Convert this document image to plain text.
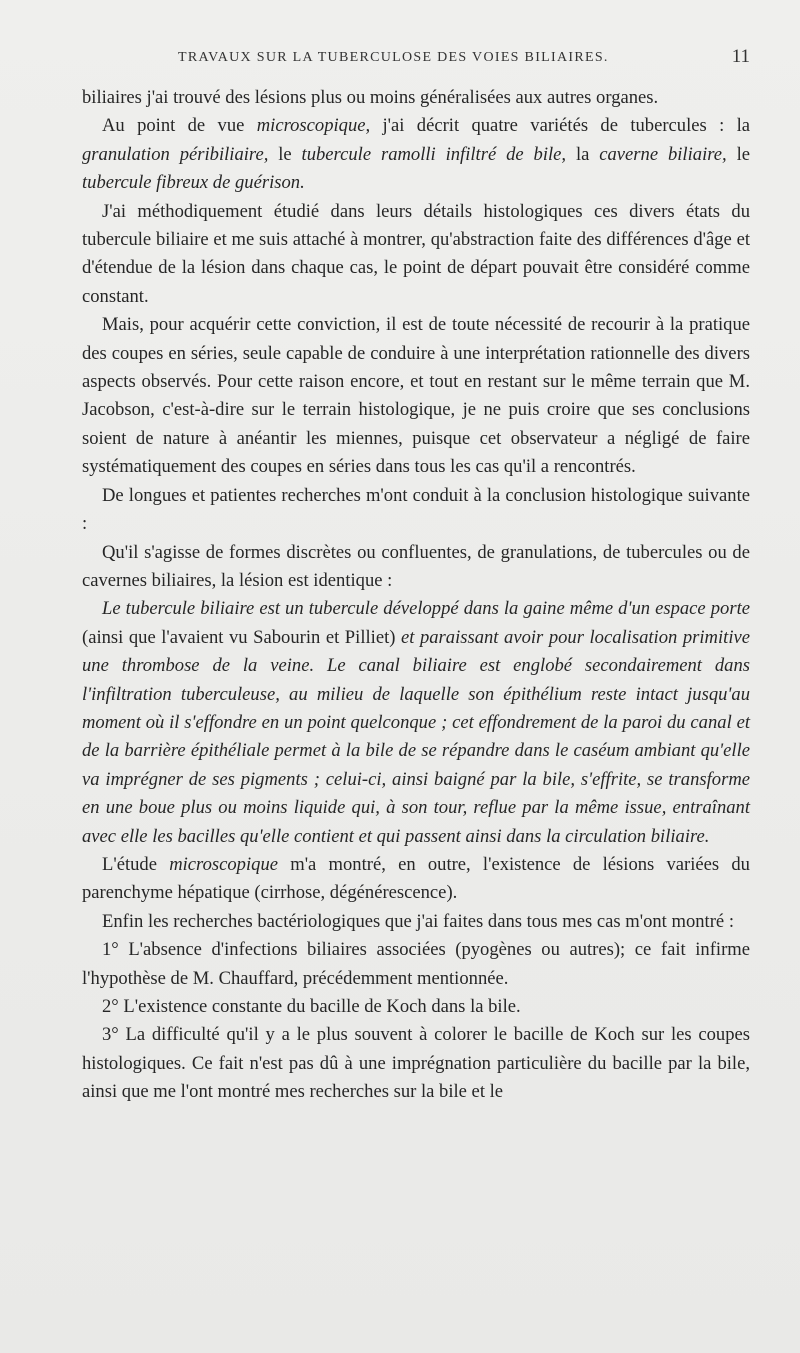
TRAVAUX SUR LA TUBERCULOSE DES VOIES BILIAIRES.	11

biliaires j'ai trouvé des lésions plus ou moins généralisées aux autres organes.

Au point de vue microscopique, j'ai décrit quatre variétés de tubercules : la granulation péribiliaire, le tubercule ramolli infiltré de bile, la caverne biliaire, le tubercule fibreux de guérison.

J'ai méthodiquement étudié dans leurs détails histologiques ces divers états du tubercule biliaire et me suis attaché à montrer, qu'abstraction faite des différences d'âge et d'étendue de la lésion dans chaque cas, le point de départ pouvait être considéré comme constant.

Mais, pour acquérir cette conviction, il est de toute nécessité de recourir à la pratique des coupes en séries, seule capable de conduire à une interprétation rationnelle des divers aspects observés. Pour cette raison encore, et tout en restant sur le même terrain que M. Jacobson, c'est-à-dire sur le terrain histologique, je ne puis croire que ses conclusions soient de nature à anéantir les miennes, puisque cet observateur a négligé de faire systématiquement des coupes en séries dans tous les cas qu'il a rencontrés.

De longues et patientes recherches m'ont conduit à la conclusion histologique suivante :

Qu'il s'agisse de formes discrètes ou confluentes, de granulations, de tubercules ou de cavernes biliaires, la lésion est identique :

Le tubercule biliaire est un tubercule développé dans la gaine même d'un espace porte (ainsi que l'avaient vu Sabourin et Pilliet) et paraissant avoir pour localisation primitive une thrombose de la veine. Le canal biliaire est englobé secondairement dans l'infiltration tuberculeuse, au milieu de laquelle son épithélium reste intact jusqu'au moment où il s'effondre en un point quelconque ; cet effondrement de la paroi du canal et de la barrière épithéliale permet à la bile de se répandre dans le caséum ambiant qu'elle va imprégner de ses pigments ; celui-ci, ainsi baigné par la bile, s'effrite, se transforme en une boue plus ou moins liquide qui, à son tour, reflue par la même issue, entraînant avec elle les bacilles qu'elle contient et qui passent ainsi dans la circulation biliaire.

L'étude microscopique m'a montré, en outre, l'existence de lésions variées du parenchyme hépatique (cirrhose, dégénérescence).

Enfin les recherches bactériologiques que j'ai faites dans tous mes cas m'ont montré :

1° L'absence d'infections biliaires associées (pyogènes ou autres); ce fait infirme l'hypothèse de M. Chauffard, précédemment mentionnée.

2° L'existence constante du bacille de Koch dans la bile.

3° La difficulté qu'il y a le plus souvent à colorer le bacille de Koch sur les coupes histologiques. Ce fait n'est pas dû à une imprégnation particulière du bacille par la bile, ainsi que me l'ont montré mes recherches sur la bile et le
